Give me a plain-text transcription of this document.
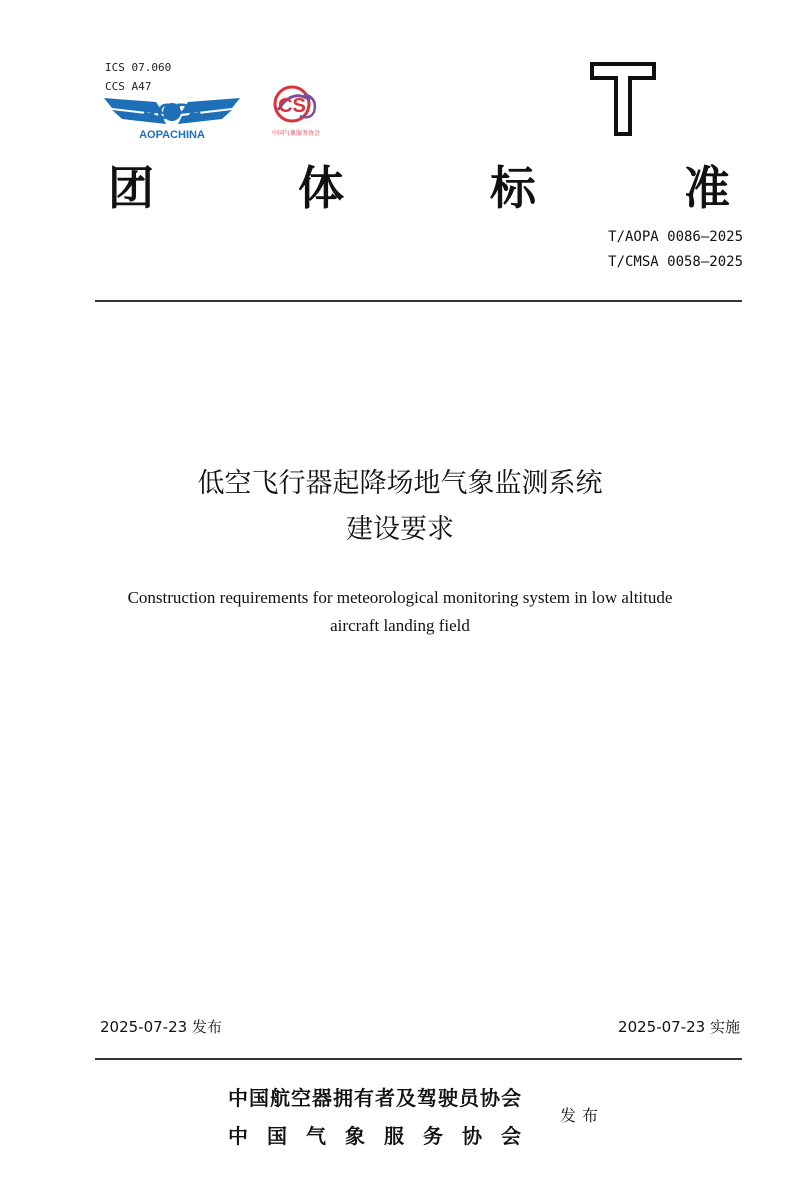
ICS 07.060
CCS A47
AOPA
AOPACHINA
CS
中国气象服务协会	T
团	体	标	准
T/AOPA 0086—2025
T/CMSA 0058—2025
低空飞行器起降场地气象监测系统
建设要求
Construction requirements for meteorological monitoring system in low altitude
aircraft landing field
2025-07-23 发布	2025-07-23 实施
中国航空器拥有者及驾驶员协会
中 国 气 象 服 务 协 会
发布
